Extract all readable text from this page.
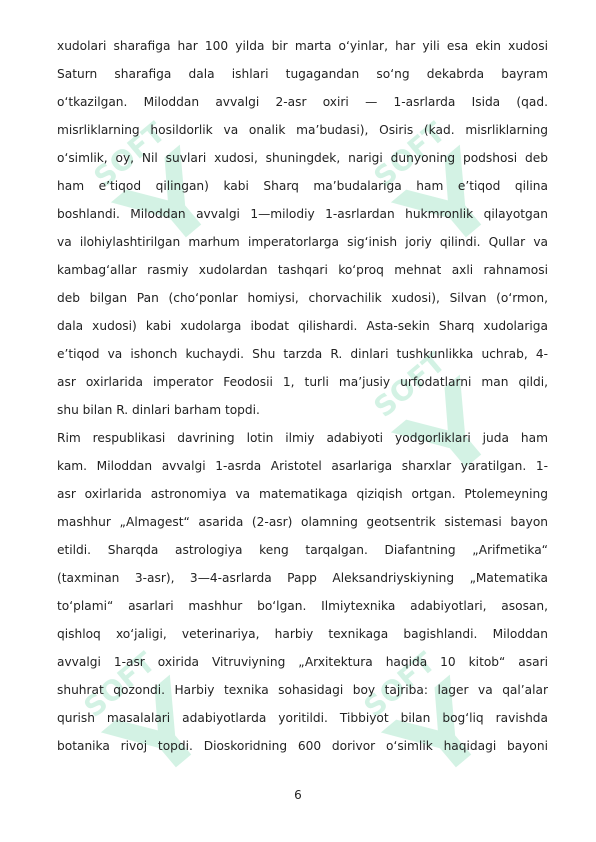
SOFT	SOFT
SOFT
SOFT	SOFT

xudolari sharafiga har 100 yilda bir marta o‘yinlar, har yili esa ekin xudosi

Saturn sharafiga dala ishlari tugagandan so‘ng dekabrda bayram

o‘tkazilgan. Miloddan avvalgi 2-asr oxiri — 1-asrlarda Isida (qad.

misrliklarning hosildorlik va onalik ma’budasi), Osiris (kad. misrliklarning

o‘simlik, oy, Nil suvlari xudosi, shuningdek, narigi dunyoning podshosi deb

ham e’tiqod qilingan) kabi Sharq ma’budalariga ham e’tiqod qilina

boshlandi. Miloddan avvalgi 1—milodiy 1-asrlardan hukmronlik qilayotgan

va ilohiylashtirilgan marhum imperatorlarga sig‘inish joriy qilindi. Qullar va

kambag‘allar rasmiy xudolardan tashqari ko‘proq mehnat axli rahnamosi

deb bilgan Pan (cho‘ponlar homiysi, chorvachilik xudosi), Silvan (o‘rmon,

dala xudosi) kabi xudolarga ibodat qilishardi. Asta-sekin Sharq xudolariga

e’tiqod va ishonch kuchaydi. Shu tarzda R. dinlari tushkunlikka uchrab, 4-

asr oxirlarida imperator Feodosii 1, turli ma’jusiy urfodatlarni man qildi,

shu bilan R. dinlari barham topdi.

Rim respublikasi davrining lotin ilmiy adabiyoti yodgorliklari juda ham

kam. Miloddan avvalgi 1-asrda Aristotel asarlariga sharxlar yaratilgan. 1-

asr oxirlarida astronomiya va matematikaga qiziqish ortgan. Ptolemeyning

mashhur „Almagest“ asarida (2-asr) olamning geotsentrik sistemasi bayon

etildi. Sharqda astrologiya keng tarqalgan. Diafantning „Arifmetika“

(taxminan 3-asr), 3—4-asrlarda Papp Aleksandriyskiyning „Matematika

to‘plami“ asarlari mashhur bo‘lgan. Ilmiytexnika adabiyotlari, asosan,

qishloq xo‘jaligi, veterinariya, harbiy texnikaga bagishlandi. Miloddan

avvalgi 1-asr oxirida Vitruviyning „Arxitektura haqida 10 kitob“ asari

shuhrat qozondi. Harbiy texnika sohasidagi boy tajriba: lager va qal’alar

qurish masalalari adabiyotlarda yoritildi. Tibbiyot bilan bog‘liq ravishda

botanika rivoj topdi. Dioskoridning 600 dorivor o‘simlik haqidagi bayoni

6
